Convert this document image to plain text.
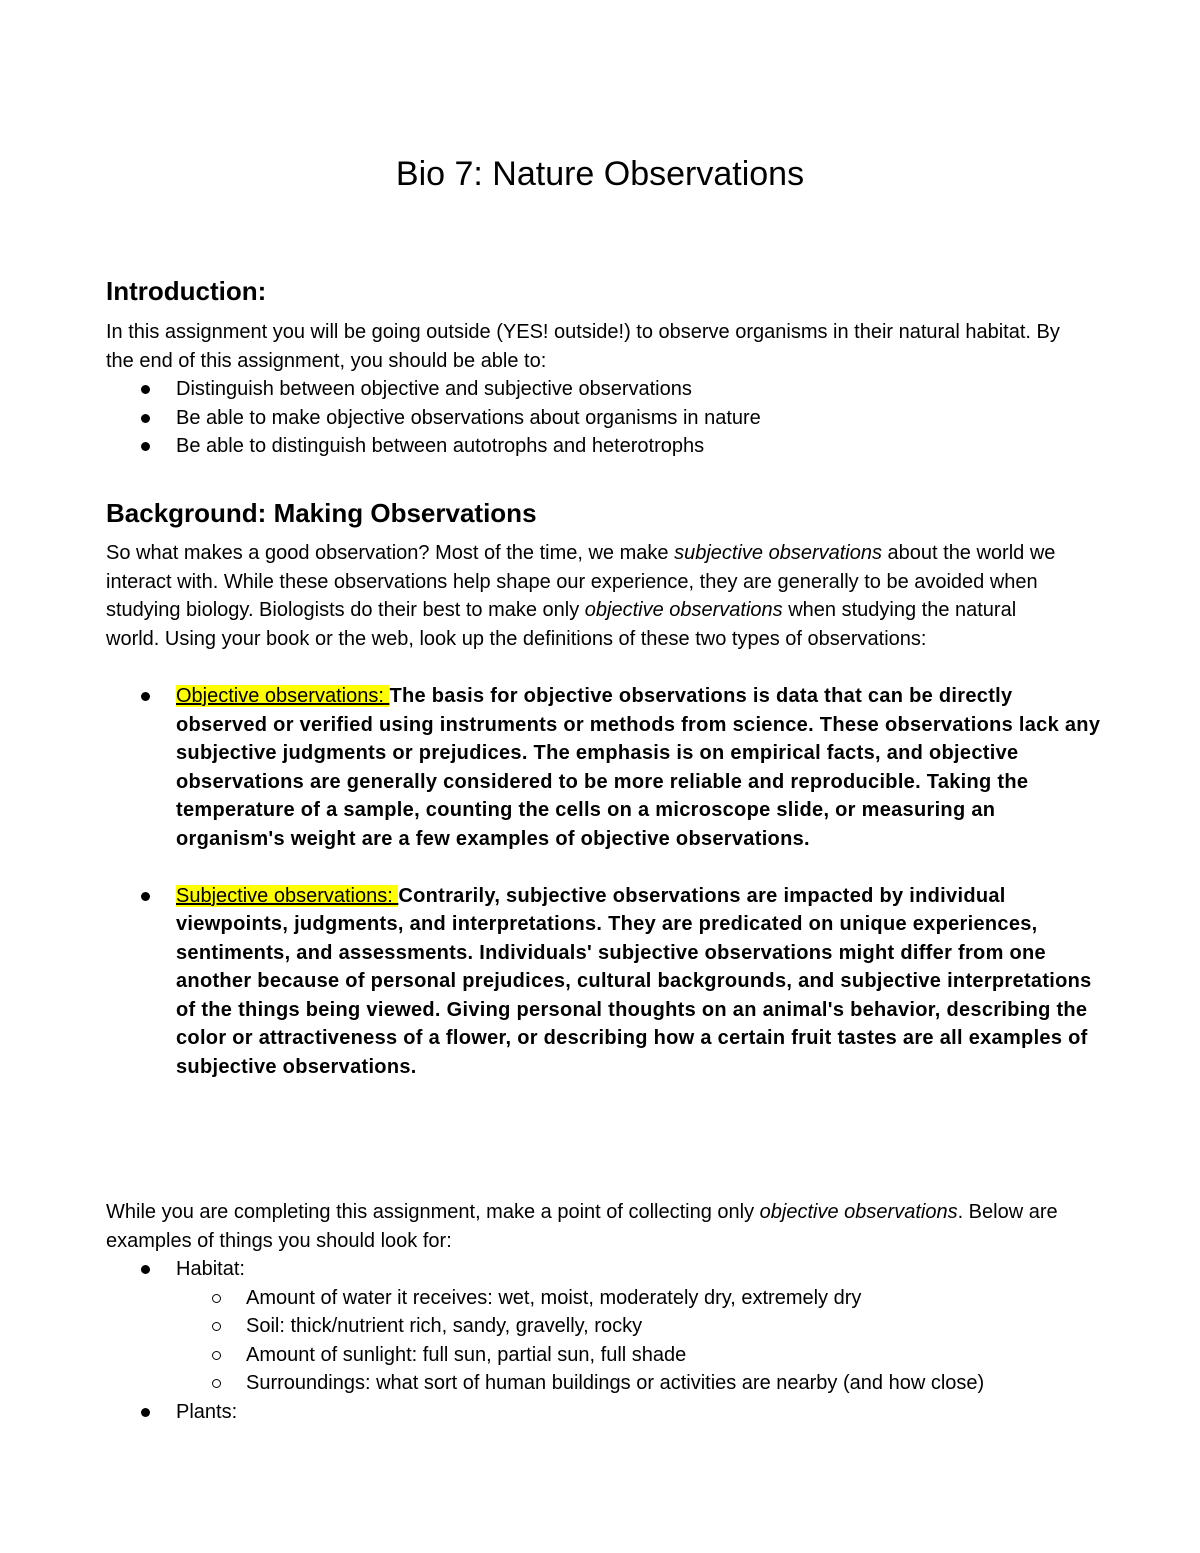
Bio 7: Nature Observations
Introduction:

In this assignment you will be going outside (YES! outside!) to observe organisms in their natural habitat. By the end of this assignment, you should be able to:

Distinguish between objective and subjective observations
Be able to make objective observations about organisms in nature
Be able to distinguish between autotrophs and heterotrophs
Background: Making Observations

So what makes a good observation? Most of the time, we make subjective observations about the world we interact with. While these observations help shape our experience, they are generally to be avoided when studying biology. Biologists do their best to make only objective observations when studying the natural world. Using your book or the web, look up the definitions of these two types of observations:

Objective observations: The basis for objective observations is data that can be directly observed or verified using instruments or methods from science. These observations lack any subjective judgments or prejudices. The emphasis is on empirical facts, and objective observations are generally considered to be more reliable and reproducible. Taking the temperature of a sample, counting the cells on a microscope slide, or measuring an organism's weight are a few examples of objective observations.
Subjective observations: Contrarily, subjective observations are impacted by individual viewpoints, judgments, and interpretations. They are predicated on unique experiences, sentiments, and assessments. Individuals' subjective observations might differ from one another because of personal prejudices, cultural backgrounds, and subjective interpretations of the things being viewed. Giving personal thoughts on an animal's behavior, describing the color or attractiveness of a flower, or describing how a certain fruit tastes are all examples of subjective observations.

While you are completing this assignment, make a point of collecting only objective observations. Below are examples of things you should look for:

Habitat:
Amount of water it receives: wet, moist, moderately dry, extremely dry
Soil: thick/nutrient rich, sandy, gravelly, rocky
Amount of sunlight: full sun, partial sun, full shade
Surroundings: what sort of human buildings or activities are nearby (and how close)
Plants:
